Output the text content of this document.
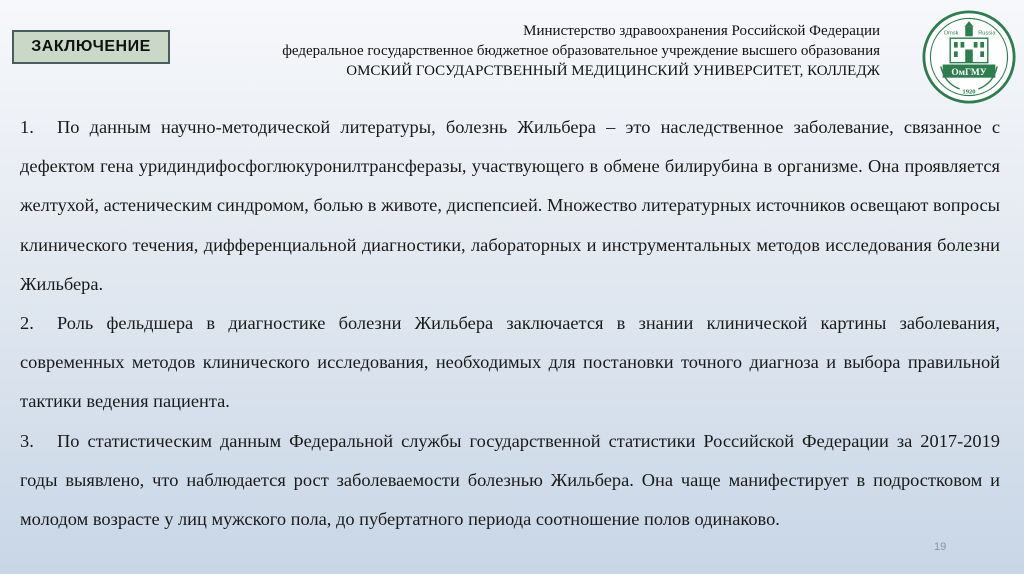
ЗАКЛЮЧЕНИЕ
Министерство здравоохранения Российской Федерации
федеральное государственное бюджетное образовательное учреждение высшего образования
ОМСКИЙ ГОСУДАРСТВЕННЫЙ МЕДИЦИНСКИЙ УНИВЕРСИТЕТ, КОЛЛЕДЖ
Omsk	Russia
ОмГМУ
1920

1. По данным научно-методической литературы, болезнь Жильбера – это наследственное заболевание, связанное с дефектом гена уридиндифосфоглюкуронилтрансферазы, участвующего в обмене билирубина в организме. Она проявляется желтухой, астеническим синдромом, болью в животе, диспепсией. Множество литературных источников освещают вопросы клинического течения, дифференциальной диагностики, лабораторных и инструментальных методов исследования болезни Жильбера.

2. Роль фельдшера в диагностике болезни Жильбера заключается в знании клинической картины заболевания, современных методов клинического исследования, необходимых для постановки точного диагноза и выбора правильной тактики ведения пациента.

3. По статистическим данным Федеральной службы государственной статистики Российской Федерации за 2017-2019 годы выявлено, что наблюдается рост заболеваемости болезнью Жильбера. Она чаще манифестирует в подростковом и молодом возрасте у лиц мужского пола, до пубертатного периода соотношение полов одинаково.

19
